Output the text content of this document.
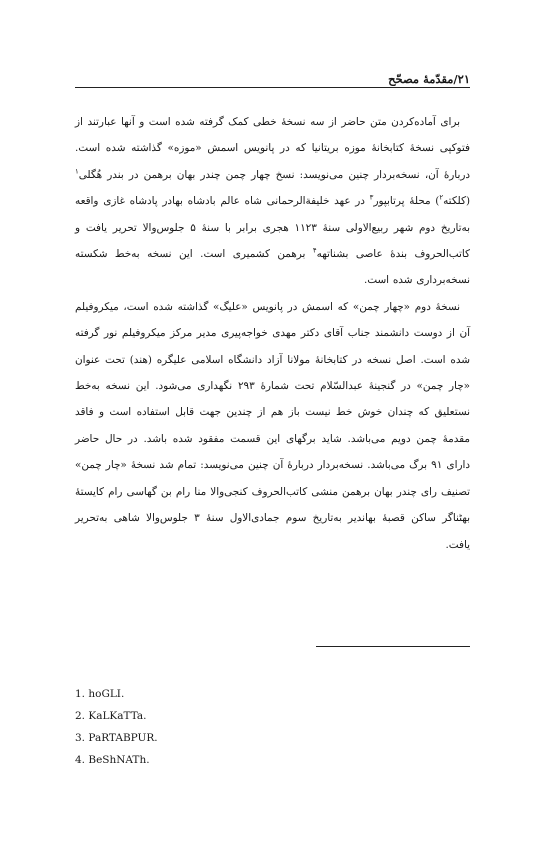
۲۱/مقدّمهٔ مصحّح

برای آماده‌کردن متن حاضر از سه نسخهٔ خطی کمک گرفته شده است و آنها عبارتند از فتوکپی نسخهٔ کتابخانهٔ موزه بریتانیا که در پانویس اسمش «موزه» گذاشته شده است. دربارهٔ آن، نسخه‌بردار چنین می‌نویسد: نسخ چهار چمن چندر بهان برهمن در بندر هُگلی$^۱$ (کلکته$^۲$) محلهٔ پرتابپور$^۳$ در عهد خلیفة‌الرحمانی شاه عالم بادشاه بهادر پادشاه غازی واقعه به‌تاریخ دوم شهر ربیع‌الاولی سنهٔ ۱۱۲۳ هجری برابر با سنهٔ ۵ جلوس‌والا تحریر یافت و کاتب‌الحروف بندهٔ عاصی بشناتهه$^۴$ برهمن کشمیری است. این نسخه به‌خط شکسته نسخه‌برداری شده است.

نسخهٔ دوم «چهار چمن» که اسمش در پانویس «علیگ» گذاشته شده است، میکروفیلم آن از دوست دانشمند جناب آقای دکتر مهدی خواجه‌پیری مدیر مرکز میکروفیلم نور گرفته شده است. اصل نسخه در کتابخانهٔ مولانا آزاد دانشگاه اسلامی علیگره (هند) تحت عنوان «چار چمن» در گنجینهٔ عبدالسّلام تحت شمارهٔ ۲۹۳ نگهداری می‌شود. این نسخه به‌خط نستعلیق که چندان خوش خط نیست باز هم از چندین جهت قابل استفاده است و فاقد مقدمهٔ چمن دویم می‌باشد. شاید برگهای این قسمت مفقود شده باشد. در حال حاضر دارای ۹۱ برگ می‌باشد. نسخه‌بردار دربارهٔ آن چنین می‌نویسد: تمام شد نسخهٔ «چار چمن» تصنیف رای چندر بهان برهمن منشی کاتب‌الحروف کنجی‌والا منا رام بن گهاسی رام کایستهٔ بهٹناگر ساکن قصبهٔ بهاندیر به‌تاریخ سوم جمادی‌الاول سنهٔ ۳ جلوس‌والا شاهی به‌تحریر یافت.

1. hoGLI.
2. KaLKaTTa.
3. PaRTABPUR.
4. BeShNATh.
